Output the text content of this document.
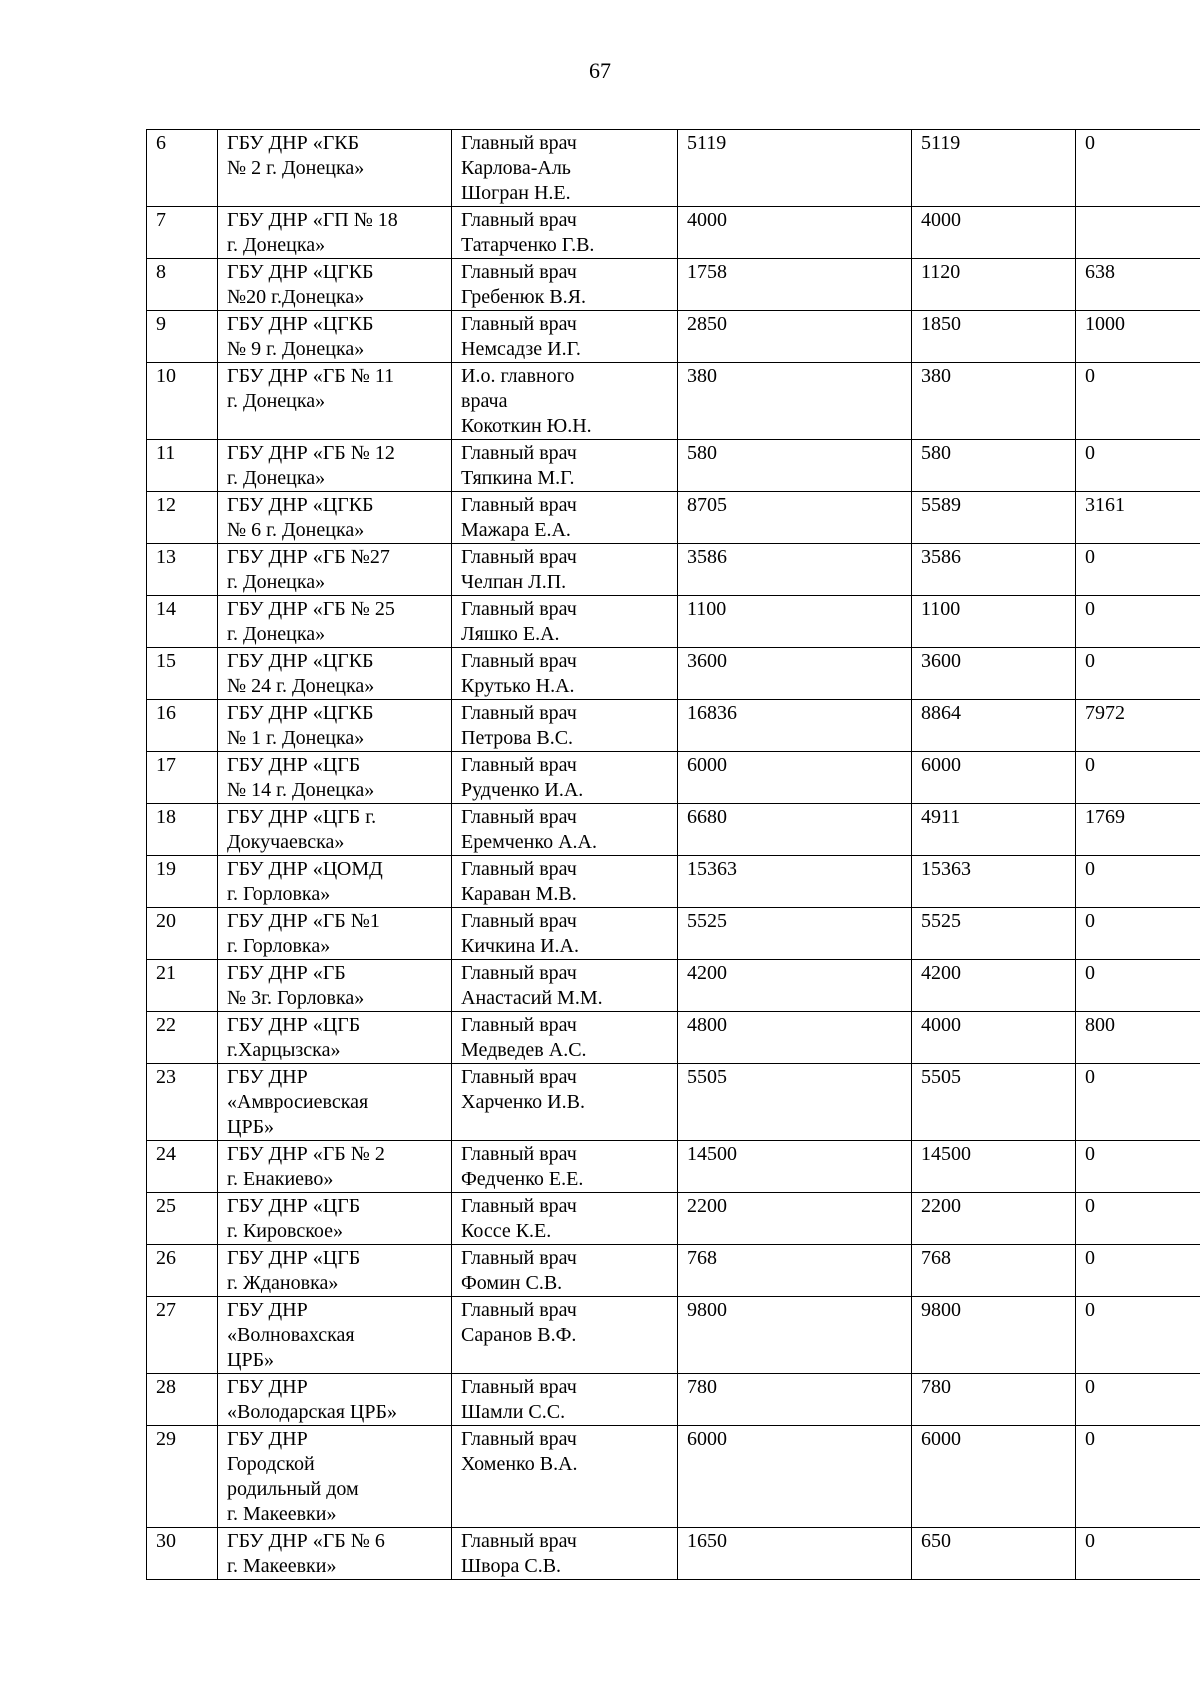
67
6	ГБУ ДНР «ГКБ
№ 2 г. Донецка»	Главный врач
Карлова-Аль
Шогран Н.Е.	5119	5119	0
7	ГБУ ДНР «ГП № 18
г. Донецка»	Главный врач
Татарченко Г.В.	4000	4000	
8	ГБУ ДНР «ЦГКБ
№20 г.Донецка»	Главный врач
Гребенюк В.Я.	1758	1120	638
9	ГБУ ДНР «ЦГКБ
№ 9 г. Донецка»	Главный врач
Немсадзе И.Г.	2850	1850	1000
10	ГБУ ДНР «ГБ № 11
г. Донецка»	И.о. главного
врача
Кокоткин Ю.Н.	380	380	0
11	ГБУ ДНР «ГБ № 12
г. Донецка»	Главный врач
Тяпкина М.Г.	580	580	0
12	ГБУ ДНР «ЦГКБ
№ 6 г. Донецка»	Главный врач
Мажара Е.А.	8705	5589	3161
13	ГБУ ДНР «ГБ №27
г. Донецка»	Главный врач
Челпан Л.П.	3586	3586	0
14	ГБУ ДНР «ГБ № 25
г. Донецка»	Главный врач
Ляшко Е.А.	1100	1100	0
15	ГБУ ДНР «ЦГКБ
№ 24 г. Донецка»	Главный врач
Крутько Н.А.	3600	3600	0
16	ГБУ ДНР «ЦГКБ
№ 1 г. Донецка»	Главный врач
Петрова В.С.	16836	8864	7972
17	ГБУ ДНР «ЦГБ
№ 14 г. Донецка»	Главный врач
Рудченко И.А.	6000	6000	0
18	ГБУ ДНР «ЦГБ г.
Докучаевска»	Главный врач
Еремченко А.А.	6680	4911	1769
19	ГБУ ДНР «ЦОМД
г. Горловка»	Главный врач
Караван М.В.	15363	15363	0
20	ГБУ ДНР «ГБ №1
г. Горловка»	Главный врач
Кичкина И.А.	5525	5525	0
21	ГБУ ДНР «ГБ
№ 3г. Горловка»	Главный врач
Анастасий М.М.	4200	4200	0
22	ГБУ ДНР «ЦГБ
г.Харцызска»	Главный врач
Медведев А.С.	4800	4000	800
23	ГБУ ДНР
«Амвросиевская
ЦРБ»	Главный врач
Харченко И.В.	5505	5505	0
24	ГБУ ДНР «ГБ № 2
г. Енакиево»	Главный врач
Федченко Е.Е.	14500	14500	0
25	ГБУ ДНР «ЦГБ
г. Кировское»	Главный врач
Коссе К.Е.	2200	2200	0
26	ГБУ ДНР «ЦГБ
г. Ждановка»	Главный врач
Фомин С.В.	768	768	0
27	ГБУ ДНР
«Волновахская
ЦРБ»	Главный врач
Саранов В.Ф.	9800	9800	0
28	ГБУ ДНР
«Володарская ЦРБ»	Главный врач
Шамли С.С.	780	780	0
29	ГБУ ДНР
Городской
родильный дом
г. Макеевки»	Главный врач
Хоменко В.А.	6000	6000	0
30	ГБУ ДНР «ГБ № 6
г. Макеевки»	Главный врач
Швора С.В.	1650	650	0
